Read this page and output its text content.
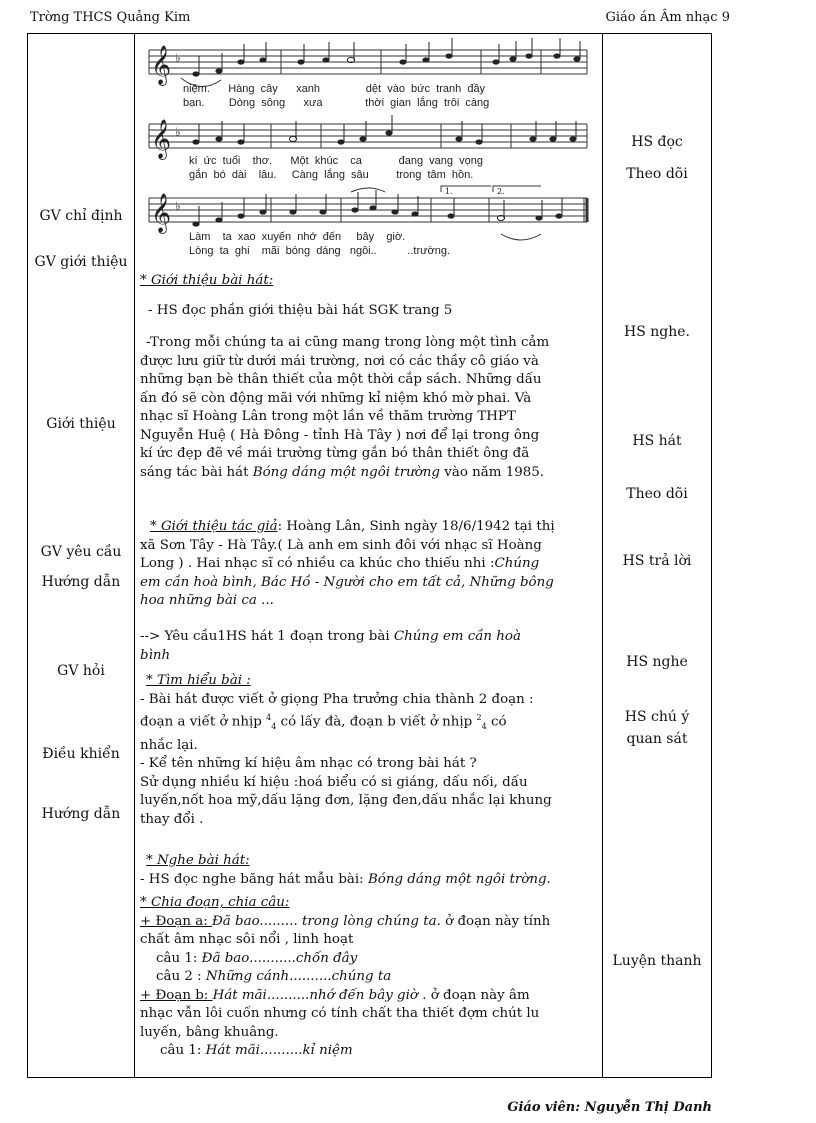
Trờng THCS Quảng Kim	Giáo án Âm nhạc 9
GV chỉ định
GV giới thiệu
Giới thiệu
GV yêu cầu
Hướng dẫn
GV hỏi
Điều khiển
Hướng dẫn
HS đọc
Theo dõi
HS nghe.
HS hát
Theo dõi
HS trả lời
HS nghe
HS chú ý
quan sát
Luyện thanh
𝄞
𝄞
𝄞
♭
♭
♭
1.	2.
niệm.      Hàng  cây      xanh               dệt  vào  bức  tranh  đầy
bạn.        Dòng  sông      xưa              thời  gian  lắng  trôi  càng
kí  ức  tuổi    thơ.      Một  khúc    ca            đang  vang  vọng
gắn  bó  dài    lâu.     Càng  lắng  sâu         trong  tâm  hồn.
Làm    ta  xao  xuyến  nhớ  đến     bây    giờ.
Lòng  ta  ghi    mãi  bóng  dáng   ngôi..          ..trường.
* Giới thiệu bài hát:
- HS đọc phần giới thiệu bài hát SGK trang 5
-Trong mỗi chúng ta ai cũng mang trong lòng một tình cảm
được lưu giữ từ dưới mái trường, nơi có các thầy cô giáo và
những bạn bè thân thiết của một thời cắp sách. Những dấu
ấn đó sẽ còn động mãi với những kỉ niệm khó mờ phai. Và
nhạc sĩ Hoàng Lân trong một lần về thăm trường THPT
Nguyễn Huệ ( Hà Đông - tỉnh Hà Tây ) nơi để lại trong ông
kí ức đẹp đẽ về mái trường từng gắn bó thân thiết ông đã
sáng tác bài hát Bóng dáng một ngôi trường vào năm 1985.
* Giới thiệu tác giả: Hoàng Lân, Sinh ngày 18/6/1942 tại thị
xã Sơn Tây - Hà Tây.( Là anh em sinh đôi với nhạc sĩ Hoàng
Long ) . Hai nhạc sĩ có nhiều ca khúc cho thiếu nhi :Chúng
em cần hoà bình, Bác Hồ - Người cho em tất cả, Những bông
hoa những bài ca ...
--> Yêu cầu1HS hát 1 đoạn trong bài Chúng em cần hoà
bình
* Tìm hiểu bài :
- Bài hát được viết ở giọng Pha trưởng chia thành 2 đoạn :
đoạn a viết ở nhịp $^4_4$ có lấy đà, đoạn b viết ở nhịp $^2_4$ có
nhắc lại.
- Kể tên những kí hiệu âm nhạc có trong bài hát ?
Sử dụng nhiều kí hiệu :hoá biểu có si giáng, dấu nối, dấu
luyến,nốt hoa mỹ,dấu lặng đơn, lặng đen,dấu nhắc lại khung
thay đổi .
* Nghe bài hát:
- HS đọc nghe băng hát mẫu bài: Bóng dáng một ngôi trờng.
* Chia đoạn, chia câu:
+ Đoạn a: Đã bao......... trong lòng chúng ta. ở đoạn này tính
chất âm nhạc sôi nổi , linh hoạt
câu 1: Đã bao...........chốn đây
câu 2 : Những cánh..........chúng ta
+ Đoạn b: Hát mãi..........nhớ đến bây giờ . ở đoạn này âm
nhạc vẫn lôi cuốn nhưng có tính chất tha thiết đợm chút lu
luyến, bâng khuâng.
câu 1: Hát mãi..........kỉ niệm
Giáo viên: Nguyễn Thị Danh
